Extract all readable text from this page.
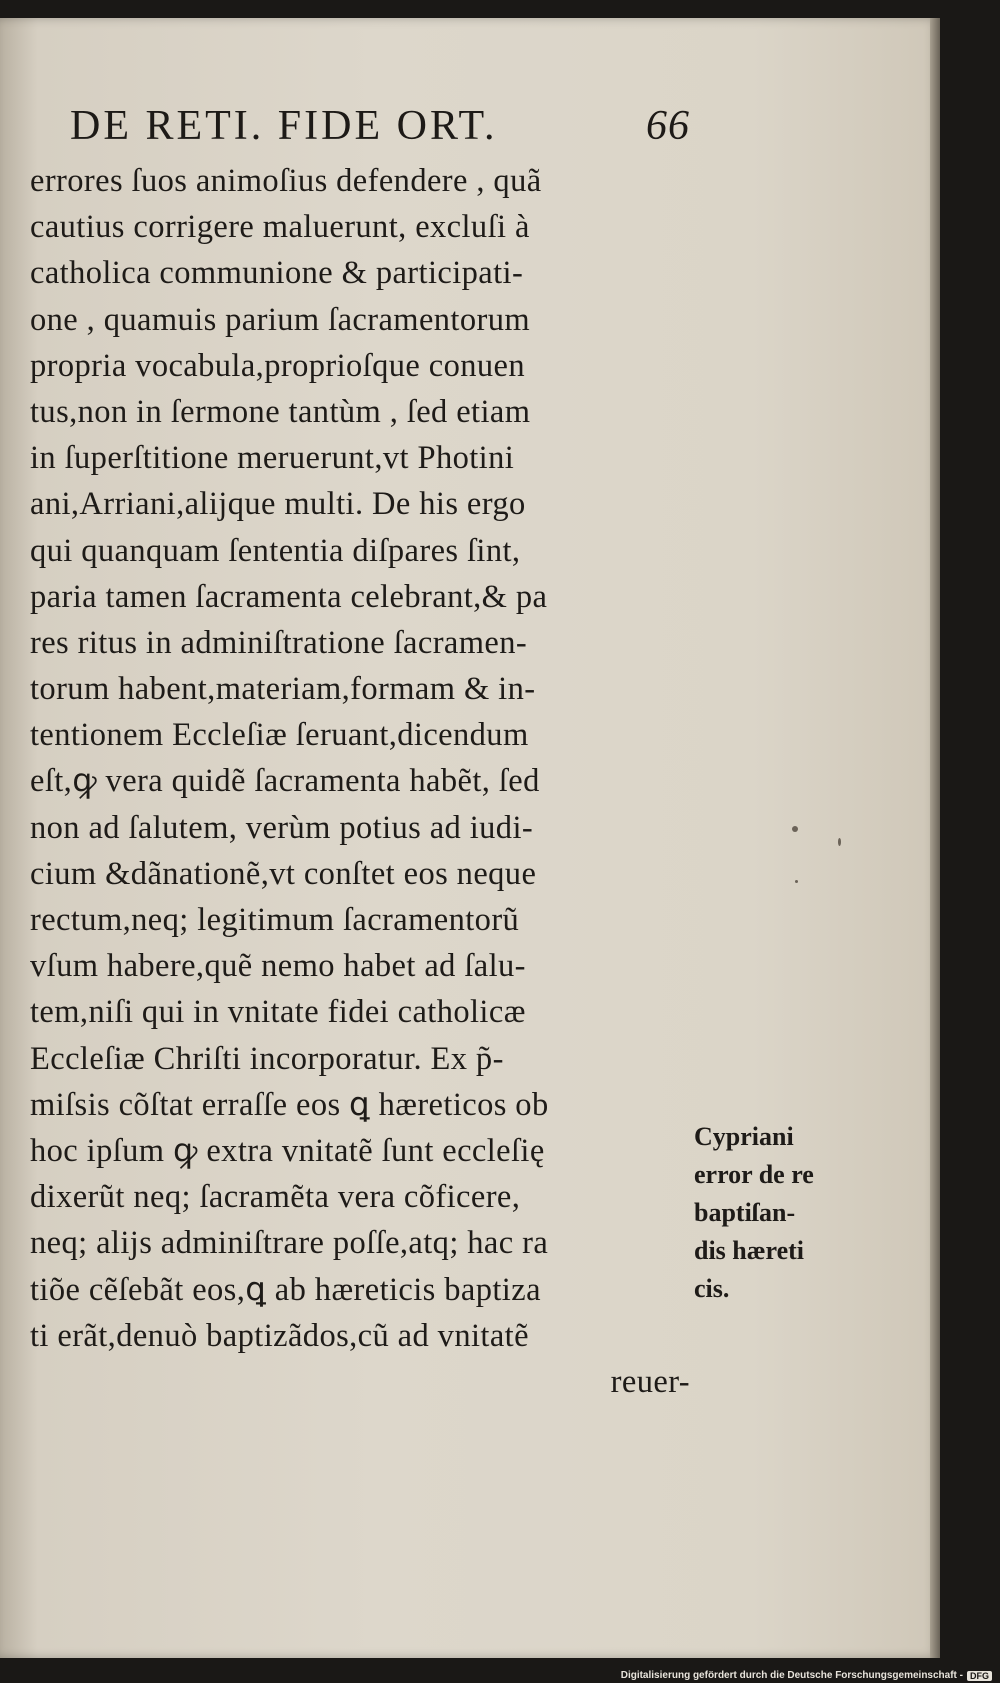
DE RETI. FIDE ORT.	66
errores ſuos animoſius defendere , quã
cautius corrigere maluerunt, excluſi à
catholica communione & participati-
one , quamuis parium ſacramentorum
propria vocabula,proprioſque conuen
tus,non in ſermone tantùm , ſed etiam
in ſuperſtitione meruerunt,vt Photini
ani,Arriani,alijque multi. De his ergo
qui quanquam ſententia diſpares ſint,
paria tamen ſacramenta celebrant,& pa
res ritus in adminiſtratione ſacramen-
torum habent,materiam,formam & in-
tentionem Eccleſiæ ſeruant,dicendum
eſt,ꝙ vera quidẽ ſacramenta habẽt, ſed
non ad ſalutem, verùm potius ad iudi-
cium &dãnationẽ,vt conſtet eos neque
rectum,neq; legitimum ſacramentorũ
vſum habere,quẽ nemo habet ad ſalu-
tem,niſi qui in vnitate fidei catholicæ
Eccleſiæ Chriſti incorporatur. Ex p̃-
miſsis cõſtat erraſſe eos ꝗ hæreticos ob
hoc ipſum ꝙ extra vnitatẽ ſunt eccleſię
dixerũt neq; ſacramẽta vera cõficere,
neq; alijs adminiſtrare poſſe,atq; hac ra
tiõe cẽſebãt eos,ꝗ ab hæreticis baptiza
ti erãt,denuò baptizãdos,cũ ad vnitatẽ
reuer-
Cypriani
error de re
baptiſan-
dis hæreti
cis.
Digitalisierung gefördert durch die Deutsche Forschungsgemeinschaft - DFG
